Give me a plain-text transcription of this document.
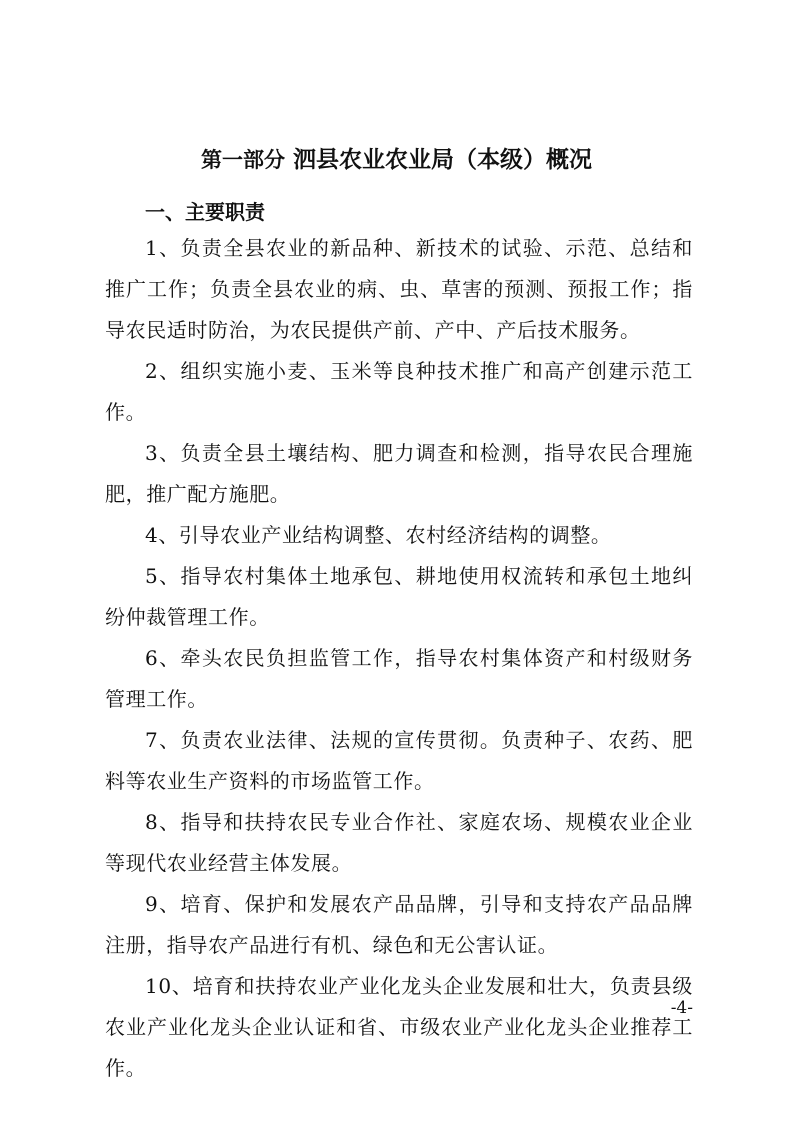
第一部分 泗县农业农业局（本级）概况
一、主要职责

1、负责全县农业的新品种、新技术的试验、示范、总结和推广工作；负责全县农业的病、虫、草害的预测、预报工作；指导农民适时防治，为农民提供产前、产中、产后技术服务。

2、组织实施小麦、玉米等良种技术推广和高产创建示范工作。

3、负责全县土壤结构、肥力调查和检测，指导农民合理施肥，推广配方施肥。

4、引导农业产业结构调整、农村经济结构的调整。

5、指导农村集体土地承包、耕地使用权流转和承包土地纠纷仲裁管理工作。

6、牵头农民负担监管工作，指导农村集体资产和村级财务管理工作。

7、负责农业法律、法规的宣传贯彻。负责种子、农药、肥料等农业生产资料的市场监管工作。

8、指导和扶持农民专业合作社、家庭农场、规模农业企业等现代农业经营主体发展。

9、培育、保护和发展农产品品牌，引导和支持农产品品牌注册，指导农产品进行有机、绿色和无公害认证。

10、培育和扶持农业产业化龙头企业发展和壮大，负责县级农业产业化龙头企业认证和省、市级农业产业化龙头企业推荐工作。

-4-
